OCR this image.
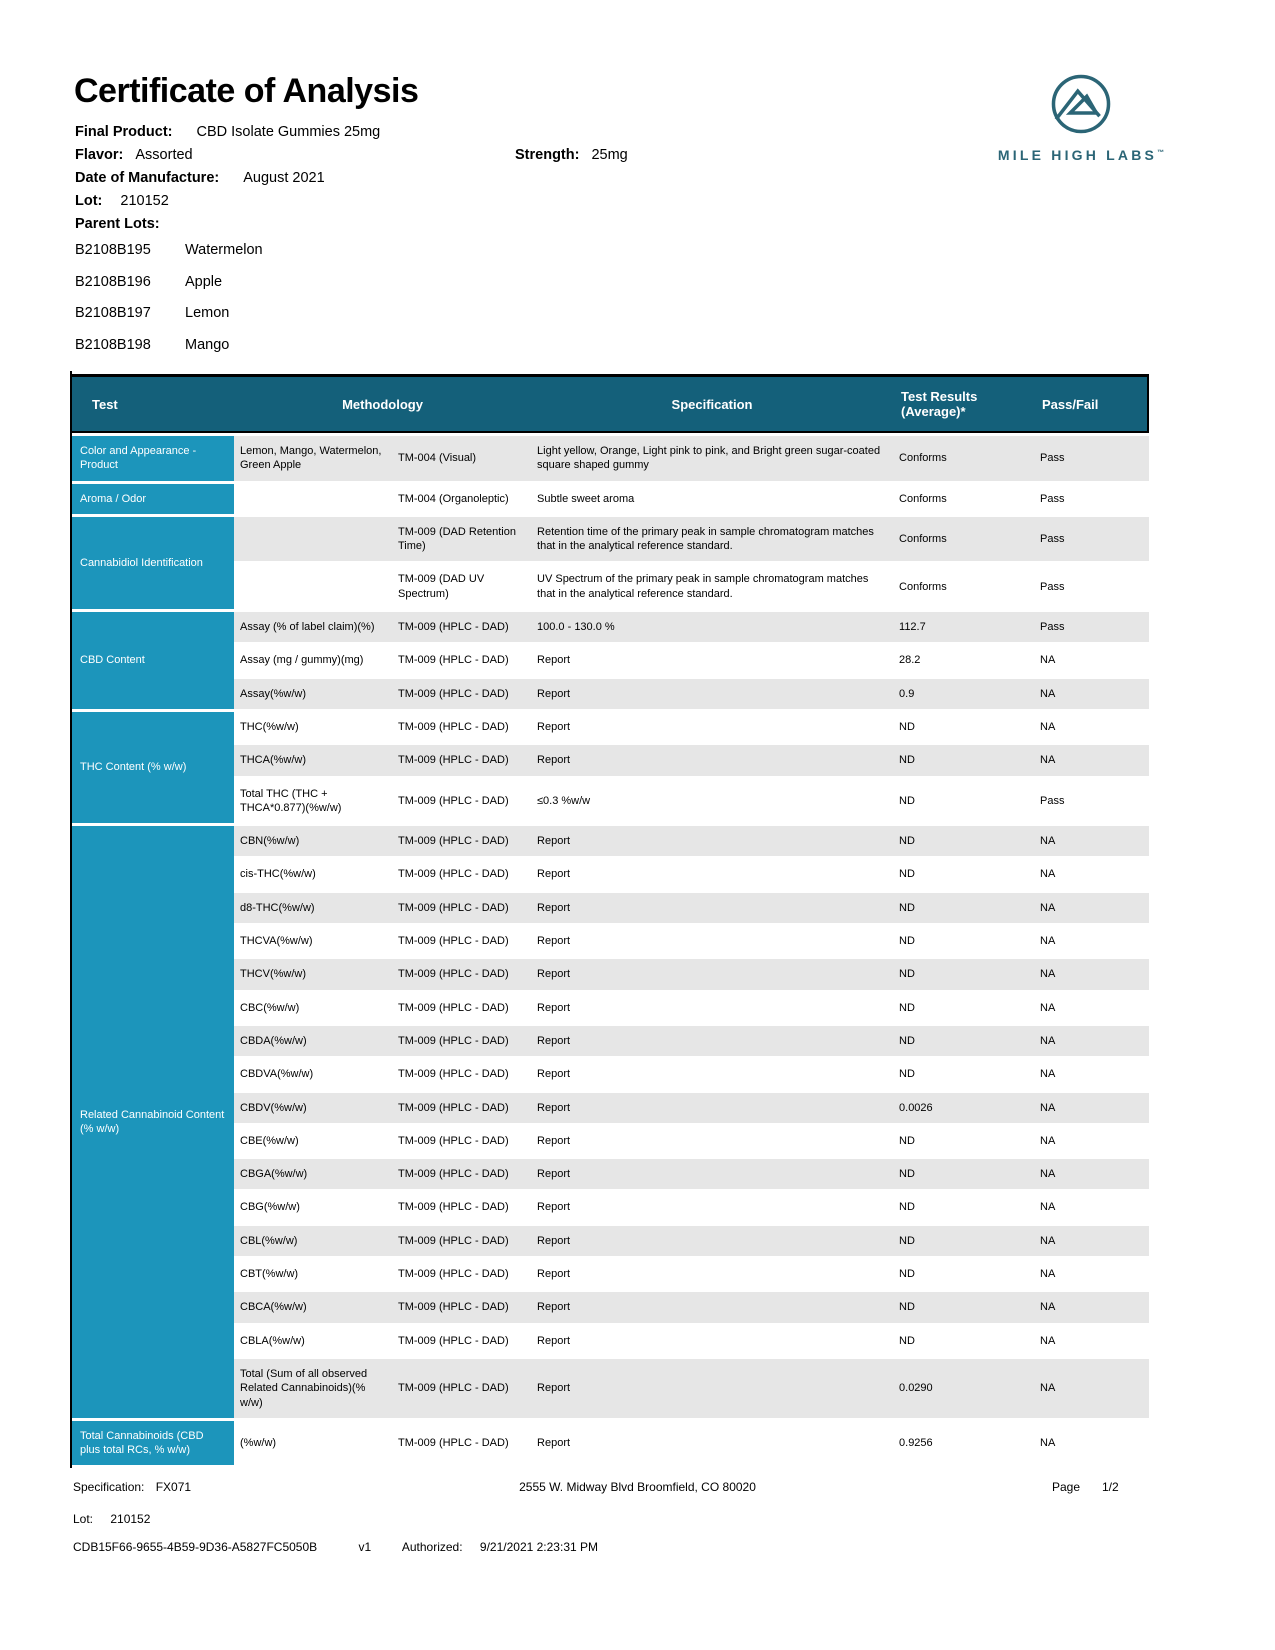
Certificate of Analysis
MILE HIGH LABS™
Final Product: CBD Isolate Gummies 25mg
Flavor: Assorted	Strength: 25mg
Date of Manufacture: August 2021
Lot: 210152
Parent Lots:
B2108B195 Watermelon
B2108B196 Apple
B2108B197 Lemon
B2108B198 Mango
Test	Methodology		Specification	Test Results (Average)*	Pass/Fail
Color and Appearance - Product	Lemon, Mango, Watermelon, Green Apple	TM-004 (Visual)	Light yellow, Orange, Light pink to pink, and Bright green sugar-coated square shaped gummy	Conforms	Pass
Aroma / Odor		TM-004 (Organoleptic)	Subtle sweet aroma	Conforms	Pass
Cannabidiol Identification		TM-009 (DAD Retention Time)	Retention time of the primary peak in sample chromatogram matches that in the analytical reference standard.	Conforms	Pass
		TM-009 (DAD UV Spectrum)	UV Spectrum of the primary peak in sample chromatogram matches that in the analytical reference standard.	Conforms	Pass
CBD Content	Assay (% of label claim)(%)	TM-009 (HPLC - DAD)	100.0 - 130.0 %	112.7	Pass
	Assay (mg / gummy)(mg)	TM-009 (HPLC - DAD)	Report	28.2	NA
	Assay(%w/w)	TM-009 (HPLC - DAD)	Report	0.9	NA
THC Content (% w/w)	THC(%w/w)	TM-009 (HPLC - DAD)	Report	ND	NA
	THCA(%w/w)	TM-009 (HPLC - DAD)	Report	ND	NA
	Total THC (THC + THCA*0.877)(%w/w)	TM-009 (HPLC - DAD)	≤0.3 %w/w	ND	Pass
Related Cannabinoid Content (% w/w)	CBN(%w/w)	TM-009 (HPLC - DAD)	Report	ND	NA
	cis-THC(%w/w)	TM-009 (HPLC - DAD)	Report	ND	NA
	d8-THC(%w/w)	TM-009 (HPLC - DAD)	Report	ND	NA
	THCVA(%w/w)	TM-009 (HPLC - DAD)	Report	ND	NA
	THCV(%w/w)	TM-009 (HPLC - DAD)	Report	ND	NA
	CBC(%w/w)	TM-009 (HPLC - DAD)	Report	ND	NA
	CBDA(%w/w)	TM-009 (HPLC - DAD)	Report	ND	NA
	CBDVA(%w/w)	TM-009 (HPLC - DAD)	Report	ND	NA
	CBDV(%w/w)	TM-009 (HPLC - DAD)	Report	0.0026	NA
	CBE(%w/w)	TM-009 (HPLC - DAD)	Report	ND	NA
	CBGA(%w/w)	TM-009 (HPLC - DAD)	Report	ND	NA
	CBG(%w/w)	TM-009 (HPLC - DAD)	Report	ND	NA
	CBL(%w/w)	TM-009 (HPLC - DAD)	Report	ND	NA
	CBT(%w/w)	TM-009 (HPLC - DAD)	Report	ND	NA
	CBCA(%w/w)	TM-009 (HPLC - DAD)	Report	ND	NA
	CBLA(%w/w)	TM-009 (HPLC - DAD)	Report	ND	NA
	Total (Sum of all observed Related Cannabinoids)(% w/w)	TM-009 (HPLC - DAD)	Report	0.0290	NA
Total Cannabinoids (CBD plus total RCs, % w/w)	(%w/w)	TM-009 (HPLC - DAD)	Report	0.9256	NA
Specification: FX071	2555 W. Midway Blvd Broomfield, CO 80020	Page 1/2
Lot: 210152
CDB15F66-9655-4B59-9D36-A5827FC5050B	v1	Authorized: 9/21/2021 2:23:31 PM
